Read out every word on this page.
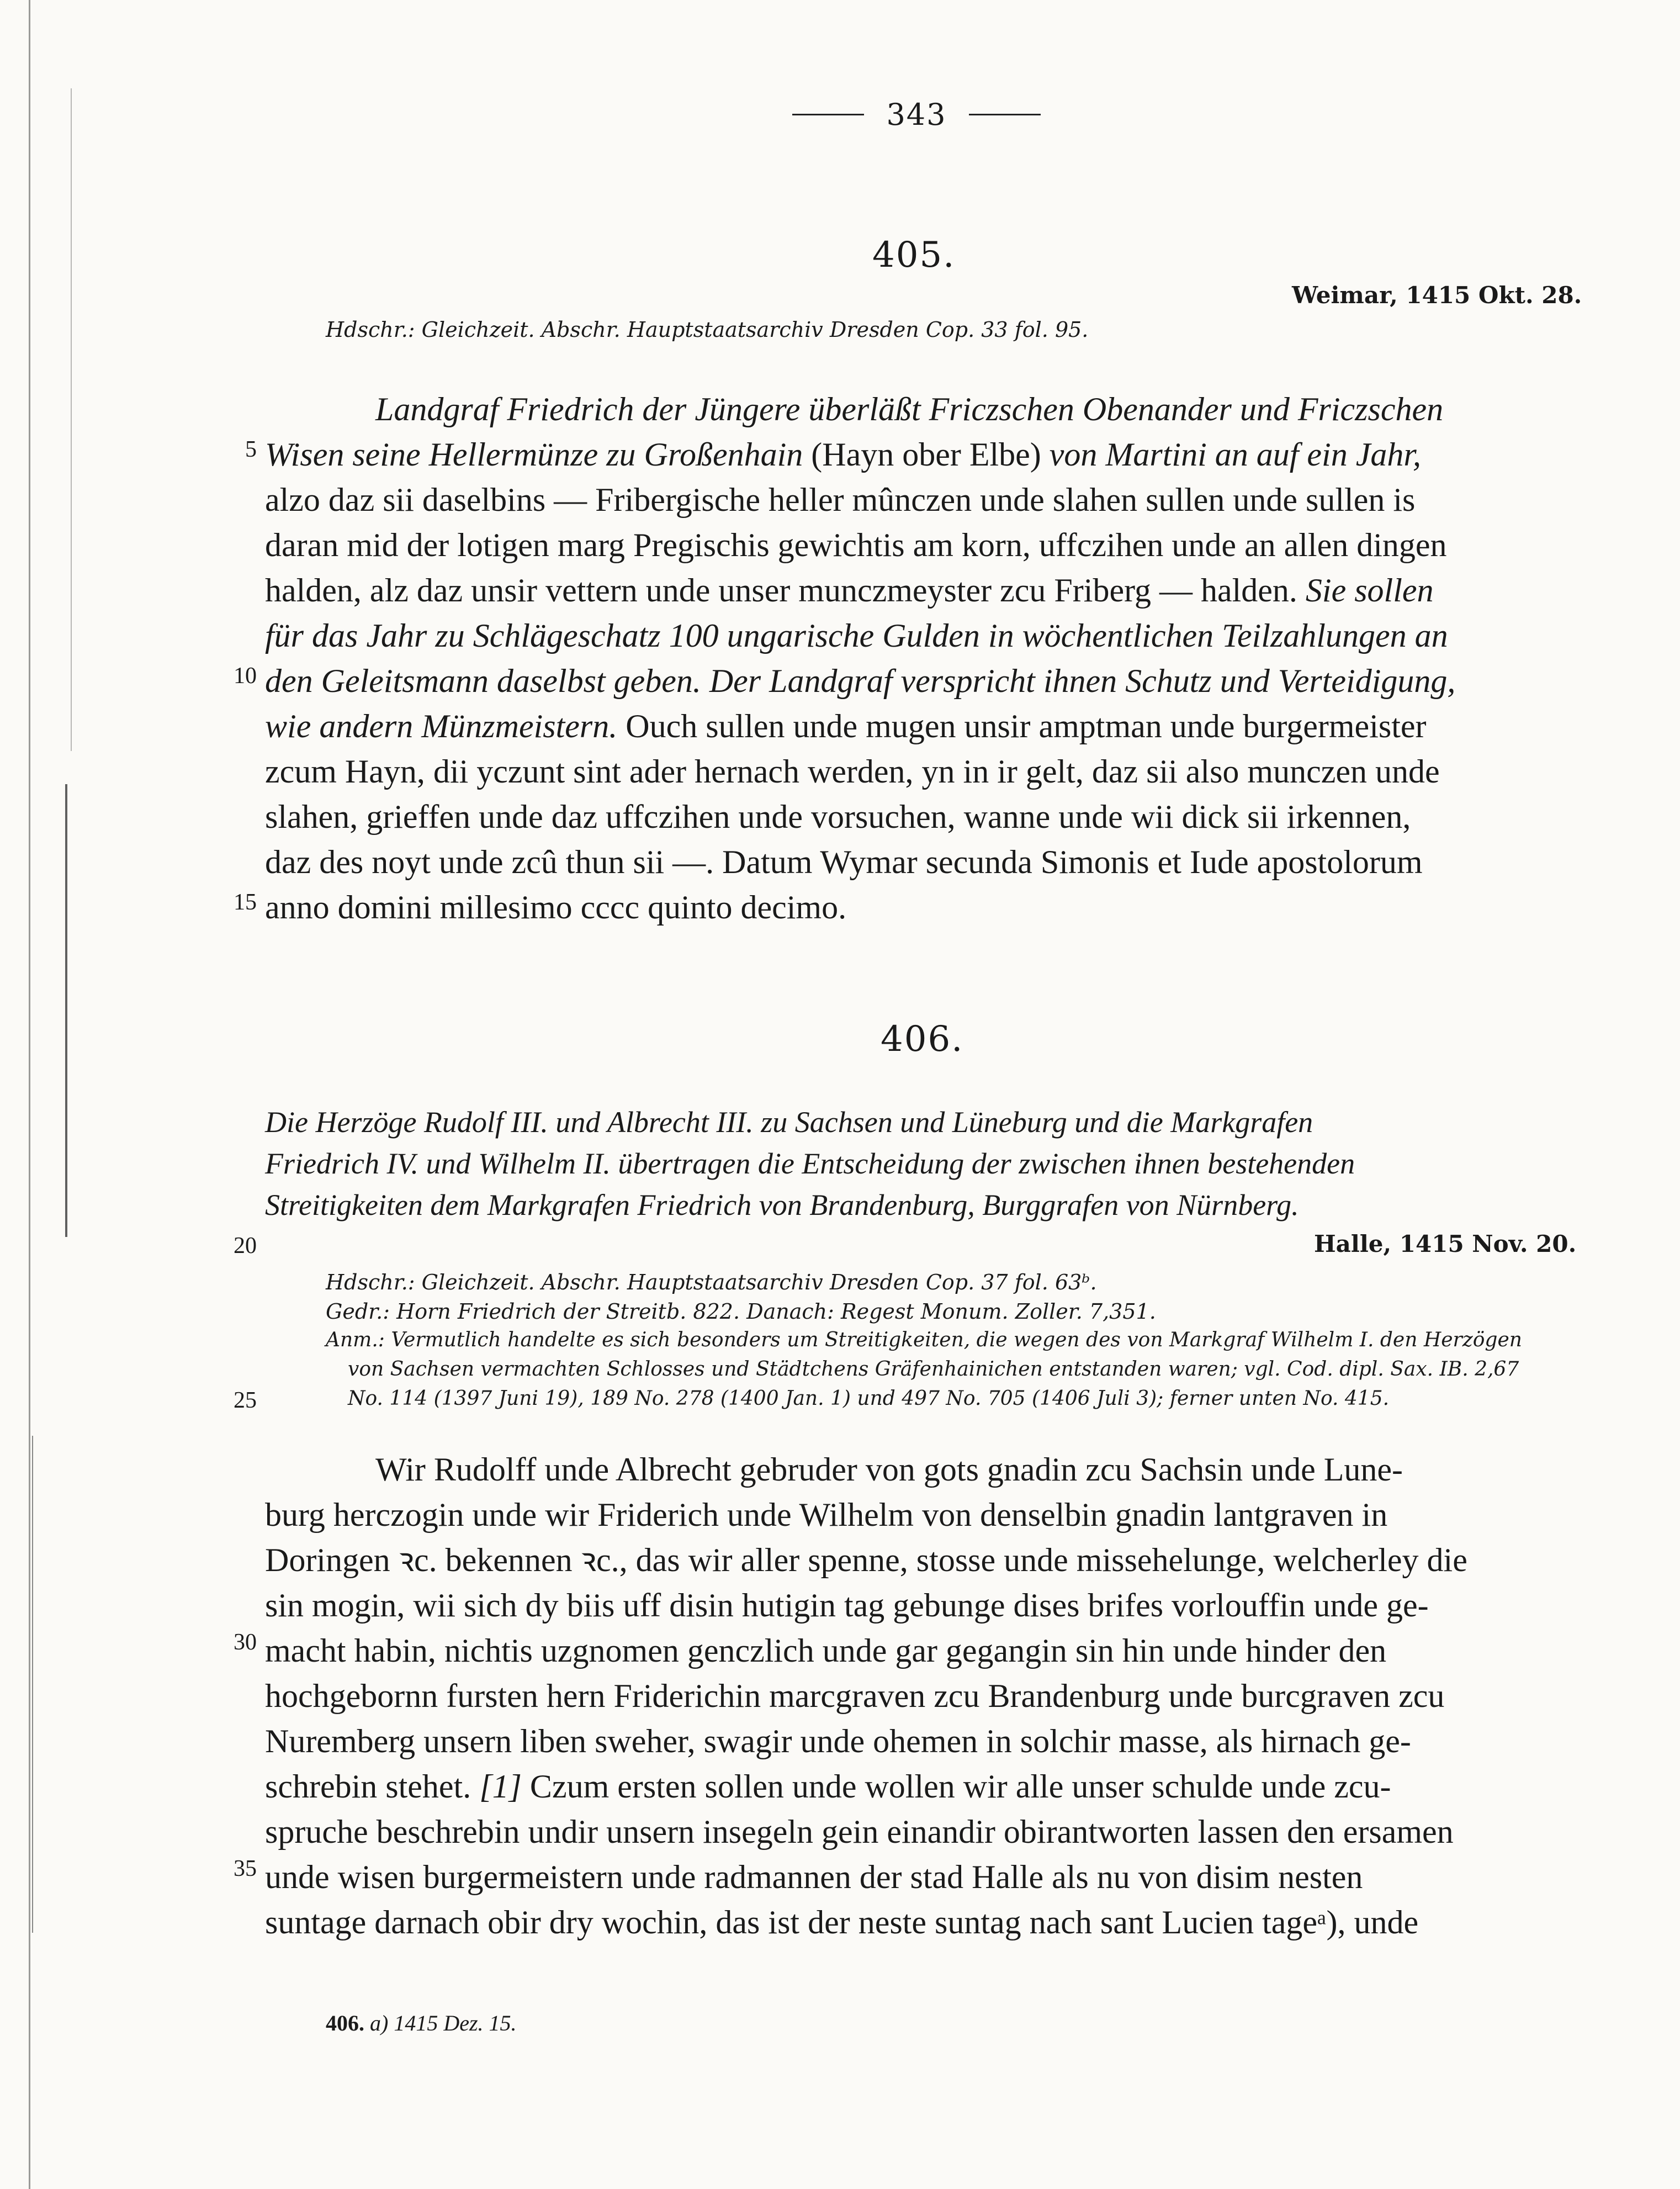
343
405.
Weimar, 1415 Okt. 28.
Hdschr.: Gleichzeit. Abschr. Hauptstaatsarchiv Dresden Cop. 33 fol. 95.
Landgraf Friedrich der Jüngere überläßt Friczschen Obenander und Friczschen
Wisen seine Hellermünze zu Großenhain (Hayn ober Elbe) von Martini an auf ein Jahr,
alzo daz sii daselbins — Fribergische heller mûnczen unde slahen sullen unde sullen is
daran mid der lotigen marg Pregischis gewichtis am korn, uffczihen unde an allen dingen
halden, alz daz unsir vettern unde unser munczmeyster zcu Friberg — halden. Sie sollen
für das Jahr zu Schlägeschatz 100 ungarische Gulden in wöchentlichen Teilzahlungen an
den Geleitsmann daselbst geben. Der Landgraf verspricht ihnen Schutz und Verteidigung,
wie andern Münzmeistern. Ouch sullen unde mugen unsir amptman unde burgermeister
zcum Hayn, dii yczunt sint ader hernach werden, yn in ir gelt, daz sii also munczen unde
slahen, grieffen unde daz uffczihen unde vorsuchen, wanne unde wii dick sii irkennen,
daz des noyt unde zcû thun sii —. Datum Wymar secunda Simonis et Iude apostolorum
anno domini millesimo cccc quinto decimo.
5
10
15
406.
Die Herzöge Rudolf III. und Albrecht III. zu Sachsen und Lüneburg und die Markgrafen
Friedrich IV. und Wilhelm II. übertragen die Entscheidung der zwischen ihnen bestehenden
Streitigkeiten dem Markgrafen Friedrich von Brandenburg, Burggrafen von Nürnberg.
20	Halle, 1415 Nov. 20.
Hdschr.: Gleichzeit. Abschr. Hauptstaatsarchiv Dresden Cop. 37 fol. 63ᵇ.
Gedr.: Horn Friedrich der Streitb. 822. Danach: Regest Monum. Zoller. 7,351.
Anm.: Vermutlich handelte es sich besonders um Streitigkeiten, die wegen des von Markgraf Wilhelm I. den Herzögen
von Sachsen vermachten Schlosses und Städtchens Gräfenhainichen entstanden waren; vgl. Cod. dipl. Sax. IB. 2,67
25	No. 114 (1397 Juni 19), 189 No. 278 (1400 Jan. 1) und 497 No. 705 (1406 Juli 3); ferner unten No. 415.
Wir Rudolff unde Albrecht gebruder von gots gnadin zcu Sachsin unde Lune-
burg herczogin unde wir Friderich unde Wilhelm von denselbin gnadin lantgraven in
Doringen ꝛc. bekennen ꝛc., das wir aller spenne, stosse unde missehelunge, welcherley die
sin mogin, wii sich dy biis uff disin hutigin tag gebunge dises brifes vorlouffin unde ge-
macht habin, nichtis uzgnomen genczlich unde gar gegangin sin hin unde hinder den
hochgebornn fursten hern Friderichin marcgraven zcu Brandenburg unde burcgraven zcu
Nuremberg unsern liben sweher, swagir unde ohemen in solchir masse, als hirnach ge-
schrebin stehet. [1] Czum ersten sollen unde wollen wir alle unser schulde unde zcu-
spruche beschrebin undir unsern insegeln gein einandir obirantworten lassen den ersamen
unde wisen burgermeistern unde radmannen der stad Halle als nu von disim nesten
suntage darnach obir dry wochin, das ist der neste suntag nach sant Lucien tageᵃ), unde
30
35
406. a) 1415 Dez. 15.
